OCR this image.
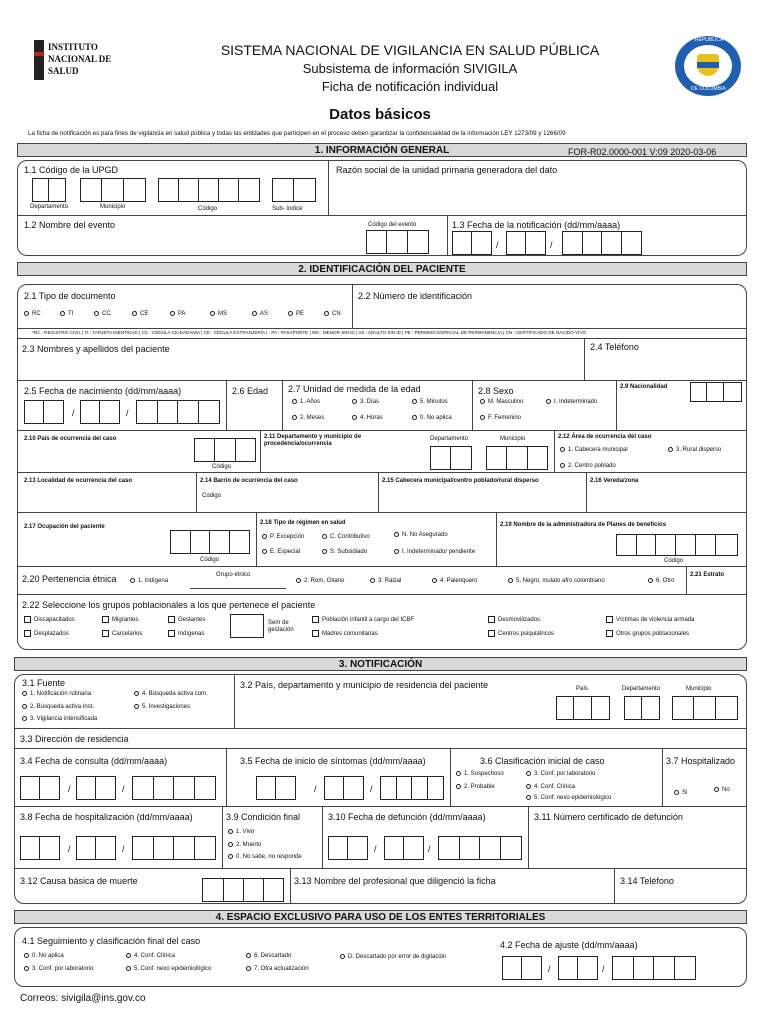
INSTITUTO
NACIONAL DE
SALUD
SISTEMA NACIONAL DE VIGILANCIA EN SALUD PÚBLICA
Subsistema de información SIVIGILA
Ficha de notificación individual
Datos básicos
REPÚBLICA
DE COLOMBIA
La ficha de notificación es para fines de vigilancia en salud pública y todas las entidades que participen en el proceso deben garantizar la confidencialidad de la información LEY 1273/09 y 1266/09
1. INFORMACIÓN GENERAL	FOR-R02.0000-001 V:09 2020-03-06
1.1 Código de la UPGD
Departamento	Municipio	Código	Sub- índice
Razón social de la unidad primaria generadora del dato
1.2 Nombre del evento	Código del evento	1.3 Fecha de la notificación (dd/mm/aaaa)
/	/
2. IDENTIFICACIÓN DEL PACIENTE
2.1 Tipo de documento	2.2 Número de identificación
RC	TI	CC	CE	PA	MS	AS	PE	CN
*RC : REGISTRO CIVIL | TI : TARJETA IDENTIDAD | CC : CÉDULA CIUDADANÍA | CE : CÉDULA EXTRANJERÍA | - PA : PASAPORTE | MS : MENOR SIN ID | AS : ADULTO SIN ID | PE : PERMISO ESPECIAL DE PERMANENCIA | CN : CERTIFICADO DE NACIDO VIVO
2.3 Nombres y apellidos del paciente	2.4 Teléfono
2.5 Fecha de nacimiento (dd/mm/aaaa)
/	/
2.6 Edad 2.7 Unidad de medida de la edad
1. Años	3. Días	5. Minutos
2. Meses	4. Horas	0. No aplica
2.8 Sexo
M. Masculino	I. Indeterminado
F. Femenino
2.9 Nacionalidad
2.10 País de ocurrencia del caso
Código
2.11 Departamento y municipio de procedencia/ocurrencia
Departamento	Municipio	2.12 Área de ocurrencia del caso
1. Cabecera municipal	3. Rural disperso
2. Centro poblado
2.13 Localidad de ocurrencia del caso	2.14 Barrio de ocurrencia del caso
Código
2.15 Cabecera municipal/centro poblado/rural disperso	2.16 Vereda/zona
2.17 Ocupación del paciente
Código
2.18 Tipo de régimen en salud
P. Excepción	C. Contributivo	N. No Asegurado
E. Especial	S. Subsidiado	I. Indeterminado/ pendiente
2.19 Nombre de la administradora de Planes de beneficios
Código
2.20 Pertenencia étnica	1. Indígena
Grupo étnico
2. Rom, Gitano	3. Raizal	4. Palenquero	5. Negro, mulato afro colombiano	6. Otro
2.21 Estrato
2.22 Seleccione los grupos poblacionales a los que pertenece el paciente
Discapacitados	Migrantes	Gestantes
Desplazados	Carcelarios	Indígenas
Sem de gestación
Población infantil a cargo del ICBF
Madres comunitarias
Desmovilizados
Centros psiquiátricos
Víctimas de violencia armada
Otros grupos poblacionales
3. NOTIFICACIÓN
3.1 Fuente
1. Notificación rutinaria	4. Búsqueda activa com.
2. Búsqueda activa Inst.	5. Investigaciones
3. Vigilancia intensificada
3.2 País, departamento y municipio de residencia del paciente	País	Departamento	Municipio
3.3 Dirección de residencia
3.4 Fecha de consulta (dd/mm/aaaa)
/	/
3.5 Fecha de inicio de síntomas (dd/mm/aaaa)
/	/
3.6 Clasificación inicial de caso
1. Sospechoso	3. Conf. por laboratorio
2. Probable	4. Conf. Clínica
5. Conf. nexo epidemiológico
3.7 Hospitalizado
Si	No
3.8 Fecha de hospitalización (dd/mm/aaaa)
/	/
3.9 Condición final
1. Vivo
2. Muerto
0. No sabe, no responde
3.10 Fecha de defunción (dd/mm/aaaa)
/	/
3.11 Número certificado de defunción
3.12 Causa básica de muerte	3.13 Nombre del profesional que diligenció la ficha	3.14 Teléfono
4. ESPACIO EXCLUSIVO PARA USO DE LOS ENTES TERRITORIALES
4.1 Seguimiento y clasificación final del caso
0. No aplica	4. Conf. Clínica	6. Descartado	D. Descartado por error de digitación
3. Conf. por laboratorio	5. Conf. nexo epidemiológico	7. Otra actualización
4.2 Fecha de ajuste (dd/mm/aaaa)
/	/
Correos: sivigila@ins.gov.co
